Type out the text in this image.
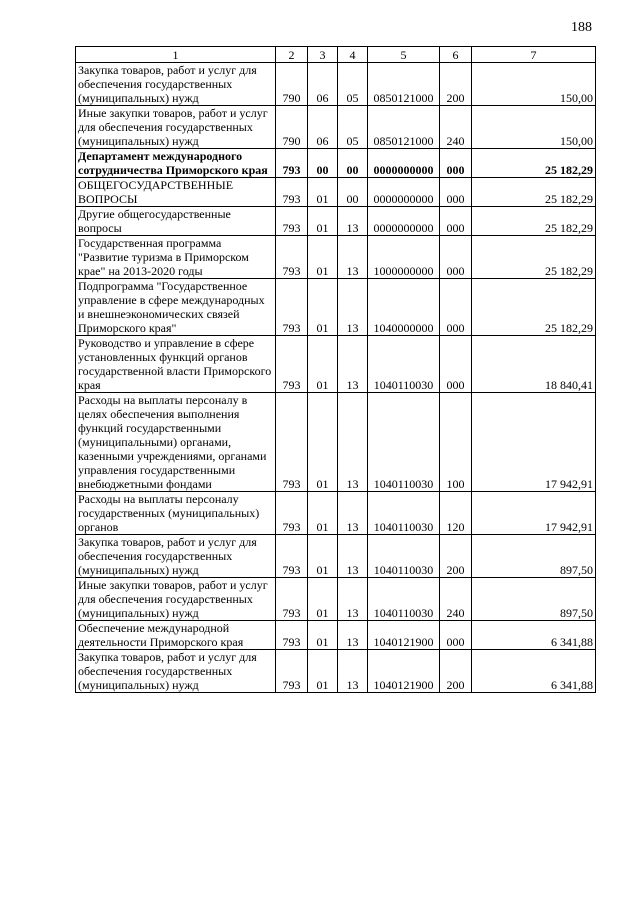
188
1	2	3	4	5	6	7
Закупка товаров, работ и услуг для обеспечения государственных (муниципальных) нужд	790	06	05	0850121000	200	150,00
Иные закупки товаров, работ и услуг для обеспечения государственных (муниципальных) нужд	790	06	05	0850121000	240	150,00
Департамент международного сотрудничества Приморского края	793	00	00	0000000000	000	25 182,29
ОБЩЕГОСУДАРСТВЕННЫЕ ВОПРОСЫ	793	01	00	0000000000	000	25 182,29
Другие общегосударственные вопросы	793	01	13	0000000000	000	25 182,29
Государственная программа "Развитие туризма в Приморском крае" на 2013-2020 годы	793	01	13	1000000000	000	25 182,29
Подпрограмма "Государственное управление в сфере международных и внешнеэкономических связей Приморского края"	793	01	13	1040000000	000	25 182,29
Руководство и управление в сфере установленных функций органов государственной власти Приморского края	793	01	13	1040110030	000	18 840,41
Расходы на выплаты персоналу в целях обеспечения выполнения функций государственными (муниципальными) органами, казенными учреждениями, органами управления государственными внебюджетными фондами	793	01	13	1040110030	100	17 942,91
Расходы на выплаты персоналу государственных (муниципальных) органов	793	01	13	1040110030	120	17 942,91
Закупка товаров, работ и услуг для обеспечения государственных (муниципальных) нужд	793	01	13	1040110030	200	897,50
Иные закупки товаров, работ и услуг для обеспечения государственных (муниципальных) нужд	793	01	13	1040110030	240	897,50
Обеспечение международной деятельности Приморского края	793	01	13	1040121900	000	6 341,88
Закупка товаров, работ и услуг для обеспечения государственных (муниципальных) нужд	793	01	13	1040121900	200	6 341,88
